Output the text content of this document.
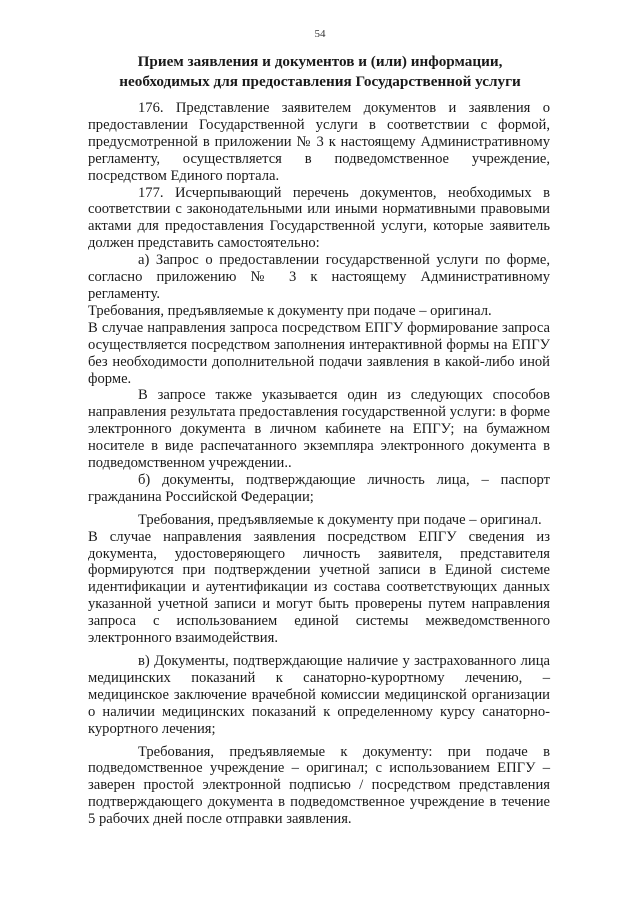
54
Прием заявления и документов и (или) информации,
необходимых для предоставления Государственной услуги

176. Представление заявителем документов и заявления о предоставлении Государственной услуги в соответствии с формой, предусмотренной в приложении № 3 к настоящему Административному регламенту, осуществляется в подведомственное учреждение, посредством Единого портала.

177. Исчерпывающий перечень документов, необходимых в соответствии с законодательными или иными нормативными правовыми актами для предоставления Государственной услуги, которые заявитель должен представить самостоятельно:

а) Запрос о предоставлении государственной услуги по форме, согласно приложению № 3 к настоящему Административному регламенту.

Требования, предъявляемые к документу при подаче – оригинал.

В случае направления запроса посредством ЕПГУ формирование запроса осуществляется посредством заполнения интерактивной формы на ЕПГУ без необходимости дополнительной подачи заявления в какой-либо иной форме.

В запросе также указывается один из следующих способов направления результата предоставления государственной услуги: в форме электронного документа в личном кабинете на ЕПГУ; на бумажном носителе в виде распечатанного экземпляра электронного документа в подведомственном учреждении..

б) документы, подтверждающие личность лица, – паспорт гражданина Российской Федерации;

Требования, предъявляемые к документу при подаче – оригинал.

В случае направления заявления посредством ЕПГУ сведения из документа, удостоверяющего личность заявителя, представителя формируются при подтверждении учетной записи в Единой системе идентификации и аутентификации из состава соответствующих данных указанной учетной записи и могут быть проверены путем направления запроса с использованием единой системы межведомственного электронного взаимодействия.

в) Документы, подтверждающие наличие у застрахованного лица медицинских показаний к санаторно-курортному лечению, – медицинское заключение врачебной комиссии медицинской организации о наличии медицинских показаний к определенному курсу санаторно-курортного лечения;

Требования, предъявляемые к документу: при подаче в подведомственное учреждение – оригинал; с использованием ЕПГУ – заверен простой электронной подписью / посредством представления подтверждающего документа в подведомственное учреждение в течение 5 рабочих дней после отправки заявления.
